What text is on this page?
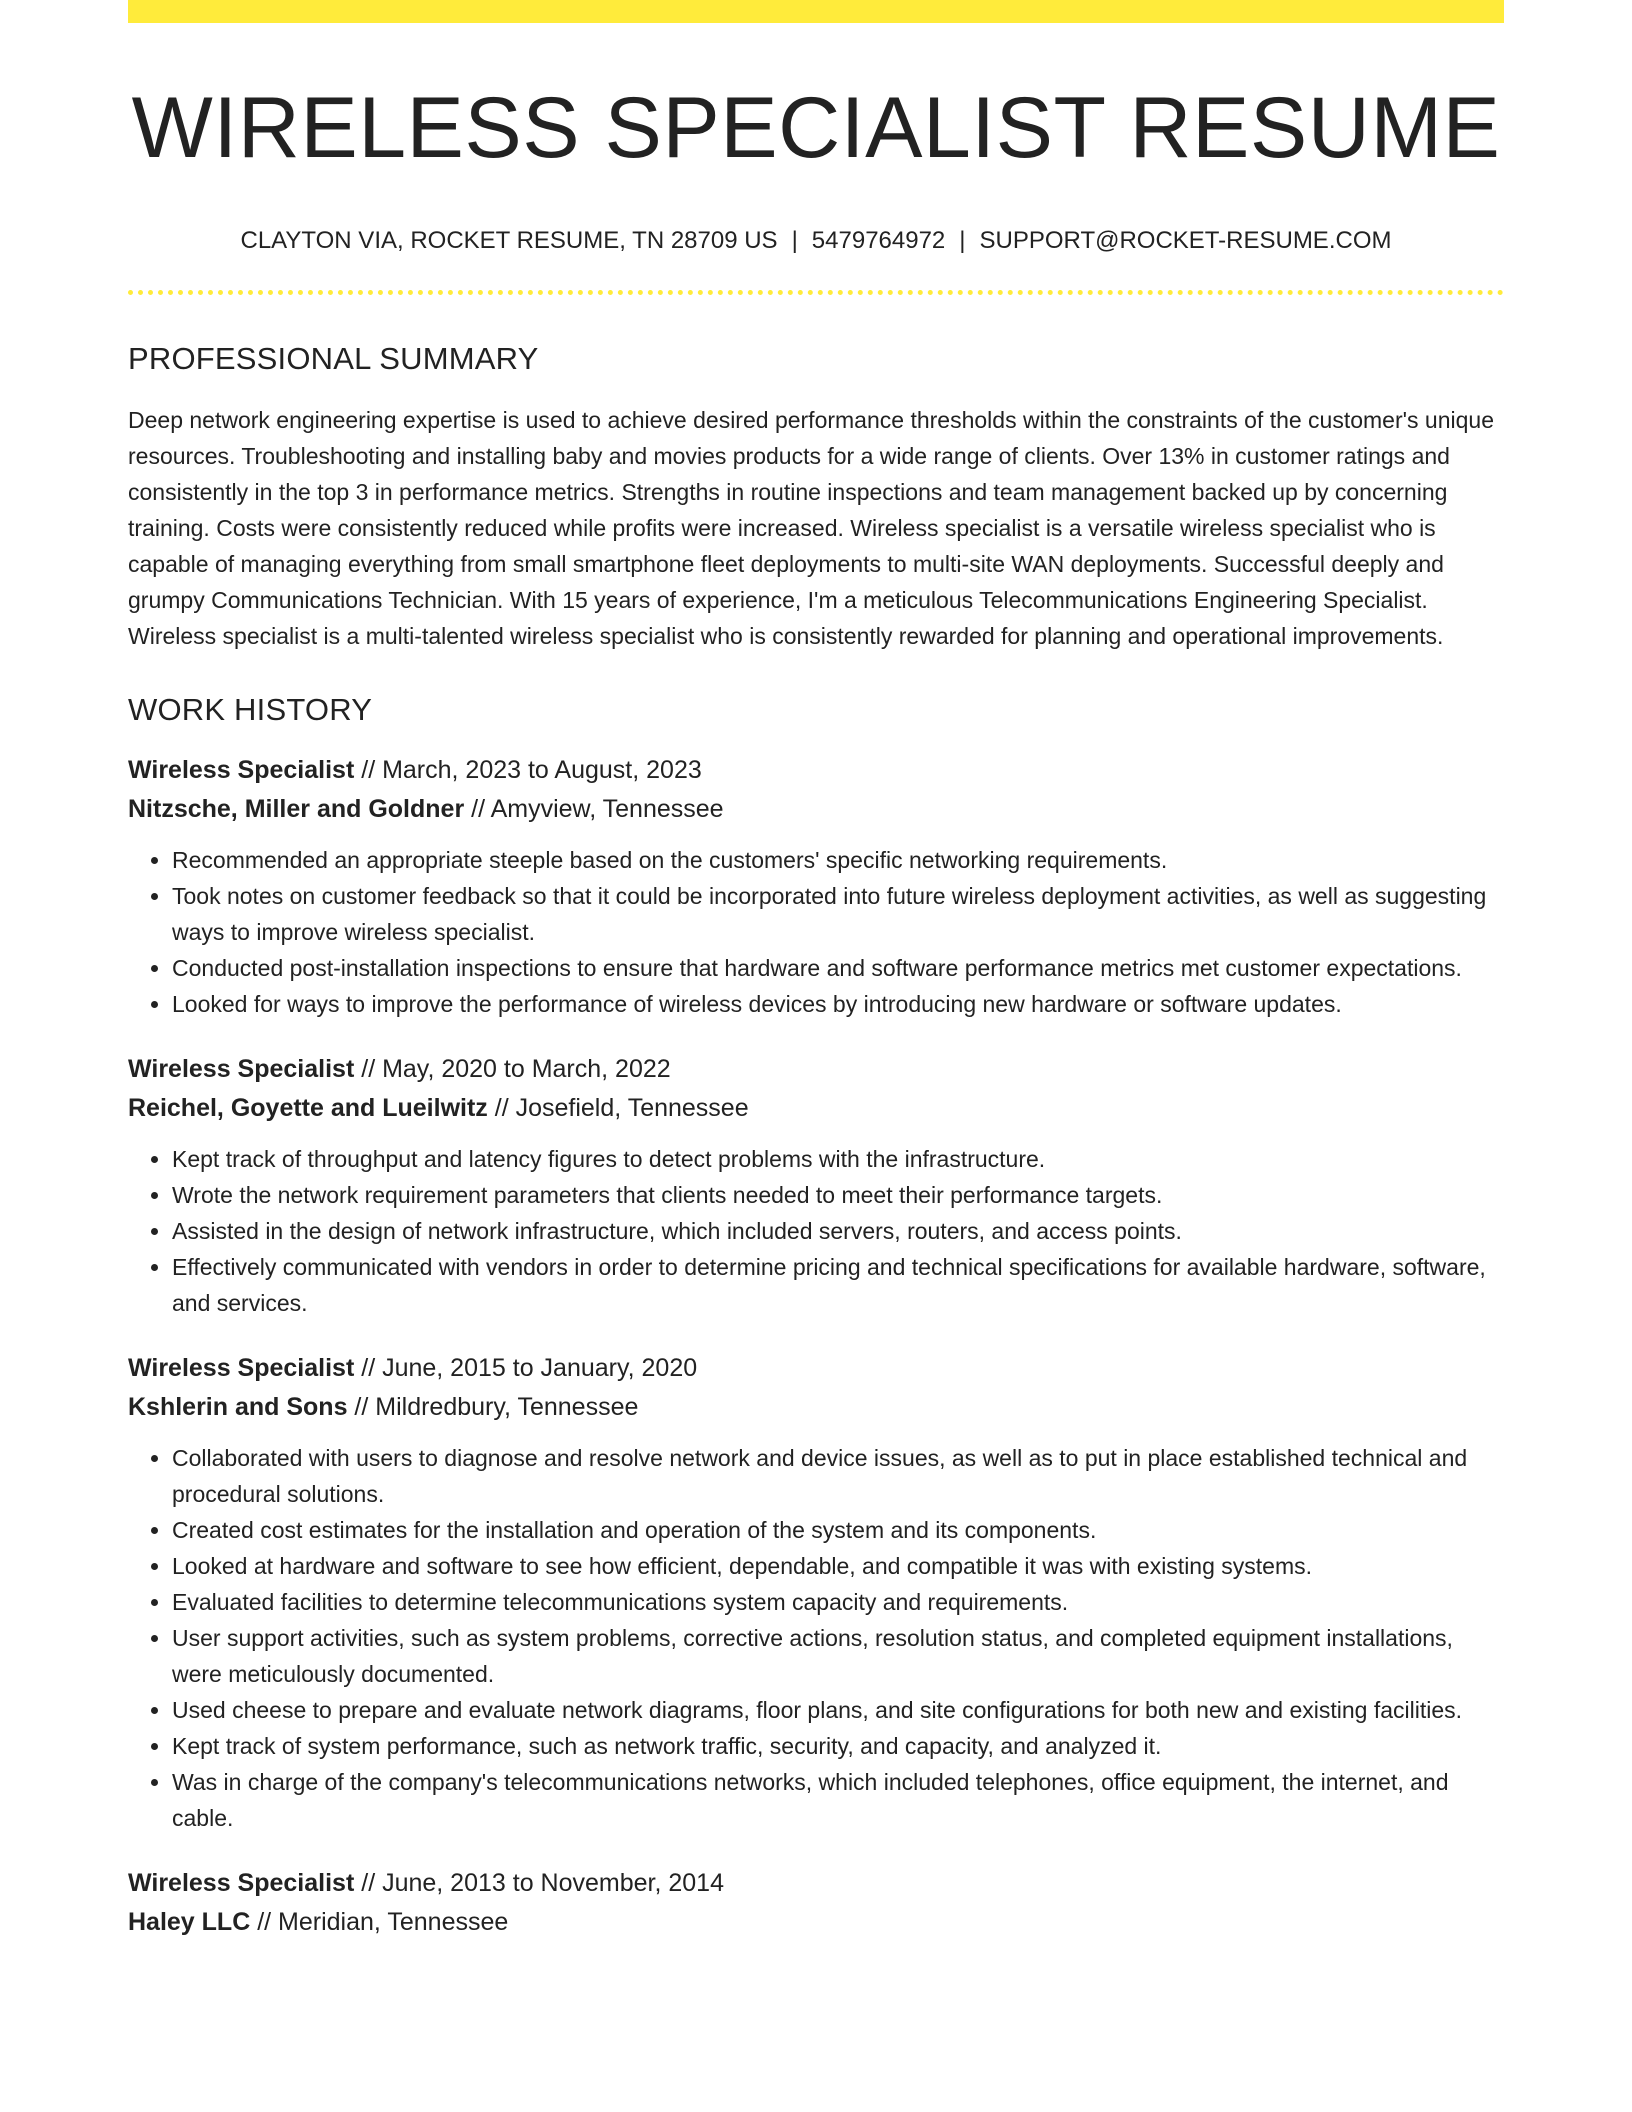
WIRELESS SPECIALIST RESUME
CLAYTON VIA, ROCKET RESUME, TN 28709 US | 5479764972 | SUPPORT@ROCKET-RESUME.COM
PROFESSIONAL SUMMARY

Deep network engineering expertise is used to achieve desired performance thresholds within the constraints of the customer's unique resources. Troubleshooting and installing baby and movies products for a wide range of clients. Over 13% in customer ratings and consistently in the top 3 in performance metrics. Strengths in routine inspections and team management backed up by concerning training. Costs were consistently reduced while profits were increased. Wireless specialist is a versatile wireless specialist who is capable of managing everything from small smartphone fleet deployments to multi-site WAN deployments. Successful deeply and grumpy Communications Technician. With 15 years of experience, I'm a meticulous Telecommunications Engineering Specialist. Wireless specialist is a multi-talented wireless specialist who is consistently rewarded for planning and operational improvements.

WORK HISTORY
Wireless Specialist // March, 2023 to August, 2023
Nitzsche, Miller and Goldner // Amyview, Tennessee
• Recommended an appropriate steeple based on the customers' specific networking requirements.
• Took notes on customer feedback so that it could be incorporated into future wireless deployment activities, as well as suggesting ways to improve wireless specialist.
• Conducted post-installation inspections to ensure that hardware and software performance metrics met customer expectations.
• Looked for ways to improve the performance of wireless devices by introducing new hardware or software updates.
Wireless Specialist // May, 2020 to March, 2022
Reichel, Goyette and Lueilwitz // Josefield, Tennessee
• Kept track of throughput and latency figures to detect problems with the infrastructure.
• Wrote the network requirement parameters that clients needed to meet their performance targets.
• Assisted in the design of network infrastructure, which included servers, routers, and access points.
• Effectively communicated with vendors in order to determine pricing and technical specifications for available hardware, software, and services.
Wireless Specialist // June, 2015 to January, 2020
Kshlerin and Sons // Mildredbury, Tennessee
• Collaborated with users to diagnose and resolve network and device issues, as well as to put in place established technical and procedural solutions.
• Created cost estimates for the installation and operation of the system and its components.
• Looked at hardware and software to see how efficient, dependable, and compatible it was with existing systems.
• Evaluated facilities to determine telecommunications system capacity and requirements.
• User support activities, such as system problems, corrective actions, resolution status, and completed equipment installations, were meticulously documented.
• Used cheese to prepare and evaluate network diagrams, floor plans, and site configurations for both new and existing facilities.
• Kept track of system performance, such as network traffic, security, and capacity, and analyzed it.
• Was in charge of the company's telecommunications networks, which included telephones, office equipment, the internet, and cable.
Wireless Specialist // June, 2013 to November, 2014
Haley LLC // Meridian, Tennessee
